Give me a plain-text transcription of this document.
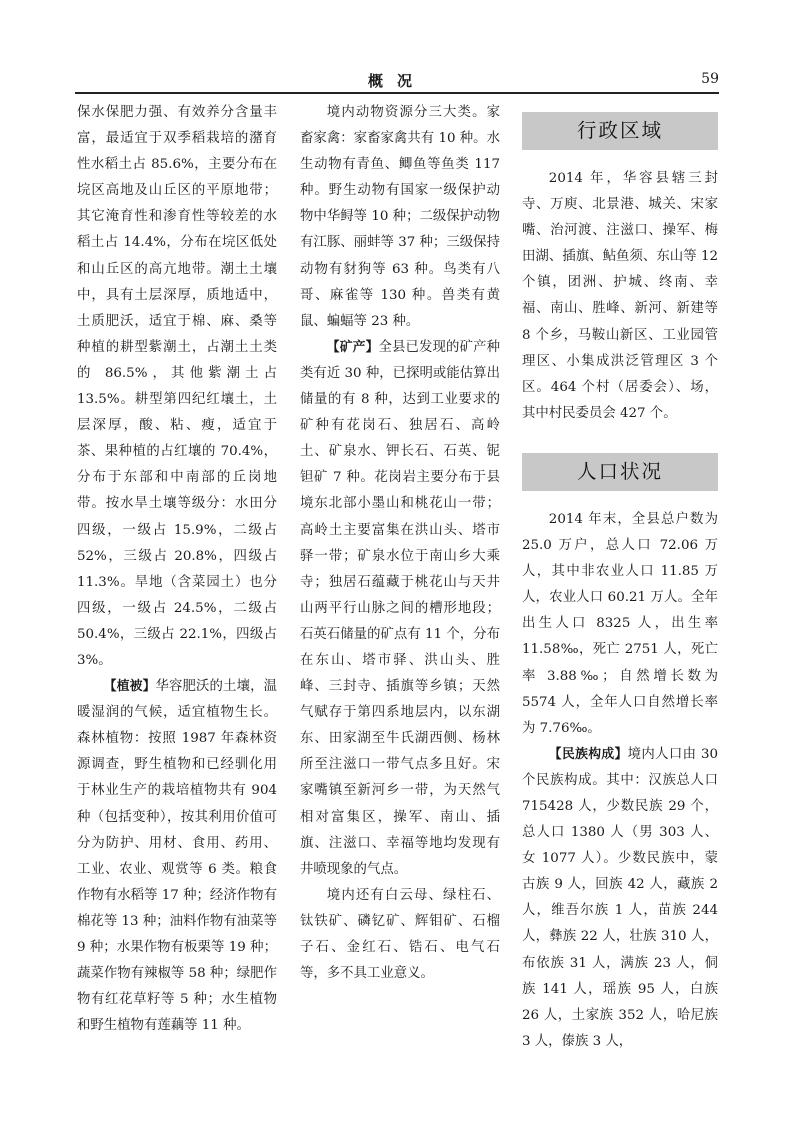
概况	59

保水保肥力强、有效养分含量丰富，最适宜于双季稻栽培的潴育性水稻土占 85.6%，主要分布在垸区高地及山丘区的平原地带；其它淹育性和渗育性等较差的水稻土占 14.4%，分布在垸区低处和山丘区的高亢地带。潮土土壤中，具有土层深厚，质地适中，土质肥沃，适宜于棉、麻、桑等种植的耕型紫潮土，占潮土土类的 86.5%，其他紫潮土占 13.5%。耕型第四纪红壤土，土层深厚，酸、粘、瘦，适宜于茶、果种植的占红壤的 70.4%，分布于东部和中南部的丘岗地带。按水旱土壤等级分：水田分四级，一级占 15.9%，二级占 52%，三级占 20.8%，四级占 11.3%。旱地（含菜园土）也分四级，一级占 24.5%，二级占 50.4%，三级占 22.1%，四级占 3%。

【植被】华容肥沃的土壤，温暖湿润的气候，适宜植物生长。森林植物：按照 1987 年森林资源调查，野生植物和已经驯化用于林业生产的栽培植物共有 904 种（包括变种），按其利用价值可分为防护、用材、食用、药用、工业、农业、观赏等 6 类。粮食作物有水稻等 17 种；经济作物有棉花等 13 种；油料作物有油菜等 9 种；水果作物有板栗等 19 种；蔬菜作物有辣椒等 58 种；绿肥作物有红花草籽等 5 种；水生植物和野生植物有莲藕等 11 种。

境内动物资源分三大类。家畜家禽：家畜家禽共有 10 种。水生动物有青鱼、鲫鱼等鱼类 117 种。野生动物有国家一级保护动物中华鲟等 10 种；二级保护动物有江豚、丽蚌等 37 种；三级保持动物有豺狗等 63 种。鸟类有八哥、麻雀等 130 种。兽类有黄鼠、蝙蝠等 23 种。

【矿产】全县已发现的矿产种类有近 30 种，已探明或能估算出储量的有 8 种，达到工业要求的矿种有花岗石、独居石、高岭土、矿泉水、钾长石、石英、铌钽矿 7 种。花岗岩主要分布于县境东北部小墨山和桃花山一带；高岭土主要富集在洪山头、塔市驿一带；矿泉水位于南山乡大乘寺；独居石蕴藏于桃花山与天井山两平行山脉之间的槽形地段；石英石储量的矿点有 11 个，分布在东山、塔市驿、洪山头、胜峰、三封寺、插旗等乡镇；天然气赋存于第四系地层内，以东湖东、田家湖至牛氏湖西侧、杨林所至注滋口一带气点多且好。宋家嘴镇至新河乡一带，为天然气相对富集区，操军、南山、插旗、注滋口、幸福等地均发现有井喷现象的气点。

境内还有白云母、绿柱石、钛铁矿、磷钇矿、辉钼矿、石榴子石、金红石、锆石、电气石等，多不具工业意义。

行政区域

2014 年，华容县辖三封寺、万庾、北景港、城关、宋家嘴、治河渡、注滋口、操军、梅田湖、插旗、鲇鱼须、东山等 12 个镇，团洲、护城、终南、幸福、南山、胜峰、新河、新建等 8 个乡，马鞍山新区、工业园管理区、小集成洪泛管理区 3 个区。464 个村（居委会）、场，其中村民委员会 427 个。

人口状况

2014 年末，全县总户数为 25.0 万户，总人口 72.06 万人，其中非农业人口 11.85 万人，农业人口 60.21 万人。全年出生人口 8325 人，出生率 11.58‰，死亡 2751 人，死亡率 3.88‰；自然增长数为 5574 人，全年人口自然增长率为 7.76‰。

【民族构成】境内人口由 30 个民族构成。其中：汉族总人口 715428 人，少数民族 29 个，总人口 1380 人（男 303 人、女 1077 人）。少数民族中，蒙古族 9 人，回族 42 人，藏族 2 人，维吾尔族 1 人，苗族 244 人，彝族 22 人，壮族 310 人，布依族 31 人，满族 23 人，侗族 141 人，瑶族 95 人，白族 26 人，土家族 352 人，哈尼族 3 人，傣族 3 人，
